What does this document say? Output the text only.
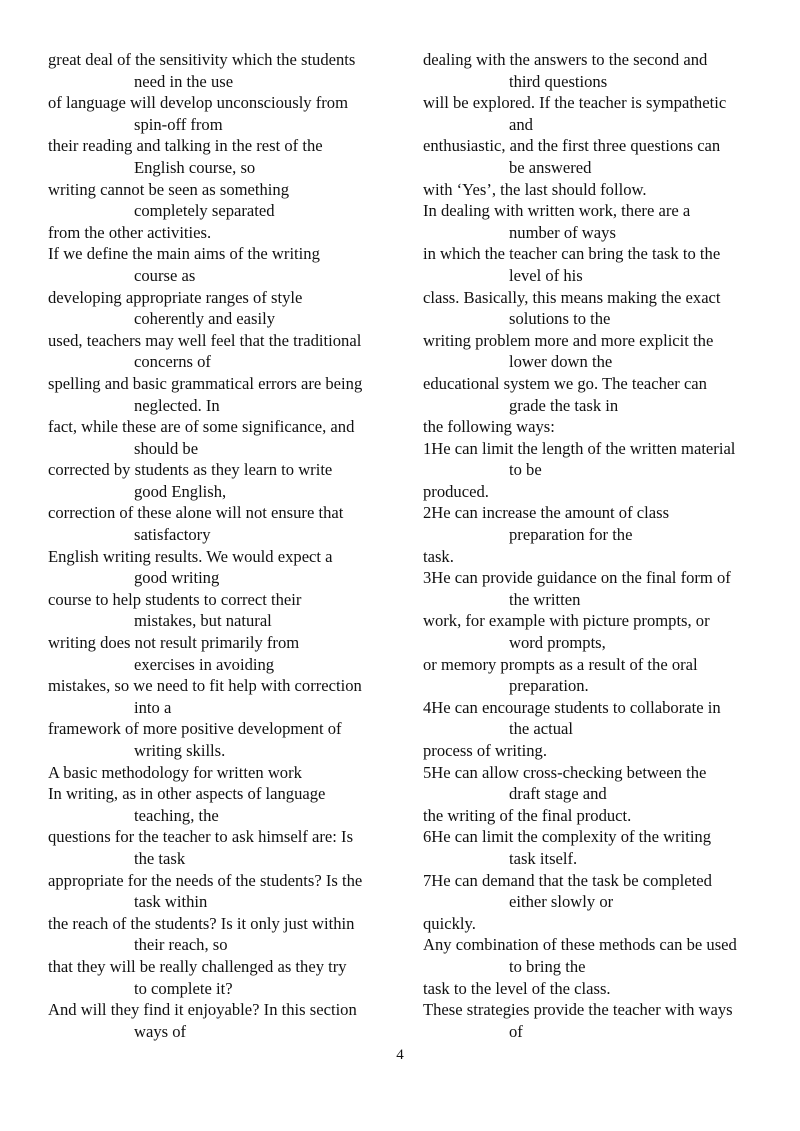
great deal of the sensitivity which the students
need in the use
of language will develop unconsciously from
spin-off from
their reading and talking in the rest of the
English course, so
writing cannot be seen as something
completely separated
from the other activities.
If we define the main aims of the writing
course as
developing appropriate ranges of style
coherently and easily
used, teachers may well feel that the traditional
concerns of
spelling and basic grammatical errors are being
neglected. In
fact, while these are of some significance, and
should be
corrected by students as they learn to write
good English,
correction of these alone will not ensure that
satisfactory
English writing results. We would expect a
good writing
course to help students to correct their
mistakes, but natural
writing does not result primarily from
exercises in avoiding
mistakes, so we need to fit help with correction
into a
framework of more positive development of
writing skills.
A basic methodology for written work
In writing, as in other aspects of language
teaching, the
questions for the teacher to ask himself are: Is
the task
appropriate for the needs of the students? Is the
task within
the reach of the students? Is it only just within
their reach, so
that they will be really challenged as they try
to complete it?
And will they find it enjoyable? In this section
ways of
dealing with the answers to the second and
third questions
will be explored. If the teacher is sympathetic
and
enthusiastic, and the first three questions can
be answered
with ‘Yes’, the last should follow.
In dealing with written work, there are a
number of ways
in which the teacher can bring the task to the
level of his
class. Basically, this means making the exact
solutions to the
writing problem more and more explicit the
lower down the
educational system we go. The teacher can
grade the task in
the following ways:
1He can limit the length of the written material
to be
produced.
2He can increase the amount of class
preparation for the
task.
3He can provide guidance on the final form of
the written
work, for example with picture prompts, or
word prompts,
or memory prompts as a result of the oral
preparation.
4He can encourage students to collaborate in
the actual
process of writing.
5He can allow cross-checking between the
draft stage and
the writing of the final product.
6He can limit the complexity of the writing
task itself.
7He can demand that the task be completed
either slowly or
quickly.
Any combination of these methods can be used
to bring the
task to the level of the class.
These strategies provide the teacher with ways
of
4
